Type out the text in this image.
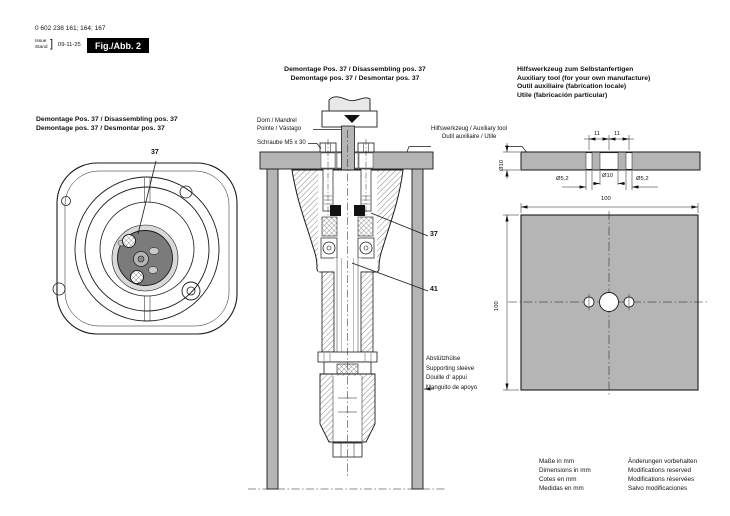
0 602 238 161; 164; 167
Issue
Stand ] 09-11-25 Fig./Abb. 2
Demontage Pos. 37 / Disassembling pos. 37
Demontage pos. 37 / Desmontar pos. 37
37
Demontage Pos. 37 / Disassembling pos. 37
Demontage pos. 37 / Desmontar pos. 37
Dorn / Mandrel
Pointe / Vástago
Schraube M5 x 30
37
41
Abstützhülse
Supporting sleeve
Douille d' appui
Manguito de apoyo
Hilfswerkzeug zum Selbstanfertigen
Auxiliary tool (for your own manufacture)
Outil auxiliaire (fabrication locale)
Utile (fabricación particular)
Hilfswerkzeug / Auxiliary tool
Outil auxiliaire / Utile
Ø10
11 11
Ø5,2	Ø10	Ø5,2
100
100
Maße in mm
Dimensions in mm
Cotes en mm
Medidas en mm
Änderungen vorbehalten
Modifications reserved
Modifications réservées
Salvo modificaciones
